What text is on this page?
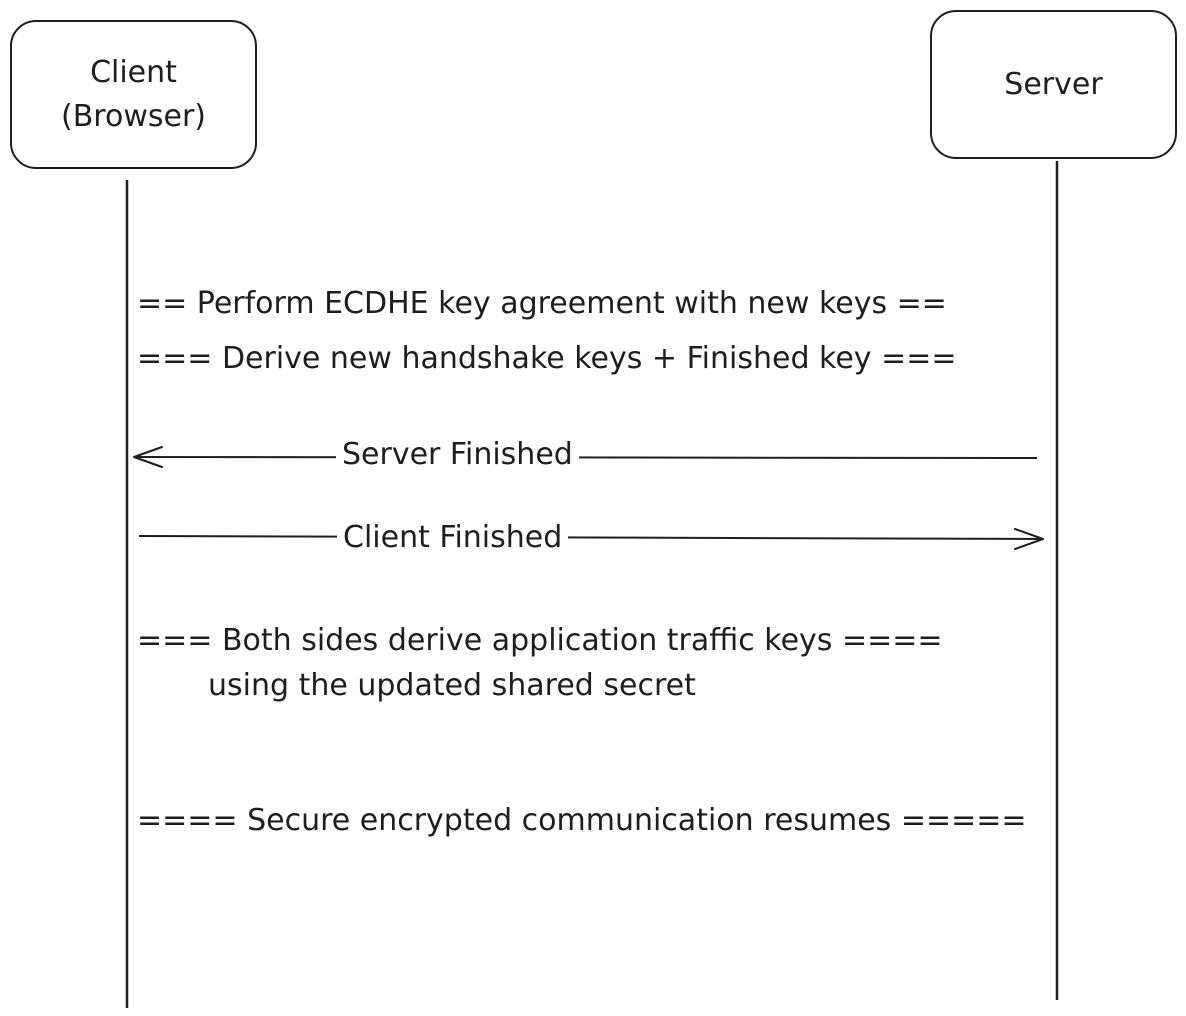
Client
(Browser)
Server
== Perform ECDHE key agreement with new keys ==
=== Derive new handshake keys + Finished key ===
=== Both sides derive application traffic keys ====
using the updated shared secret
==== Secure encrypted communication resumes =====
Server Finished
Client Finished
